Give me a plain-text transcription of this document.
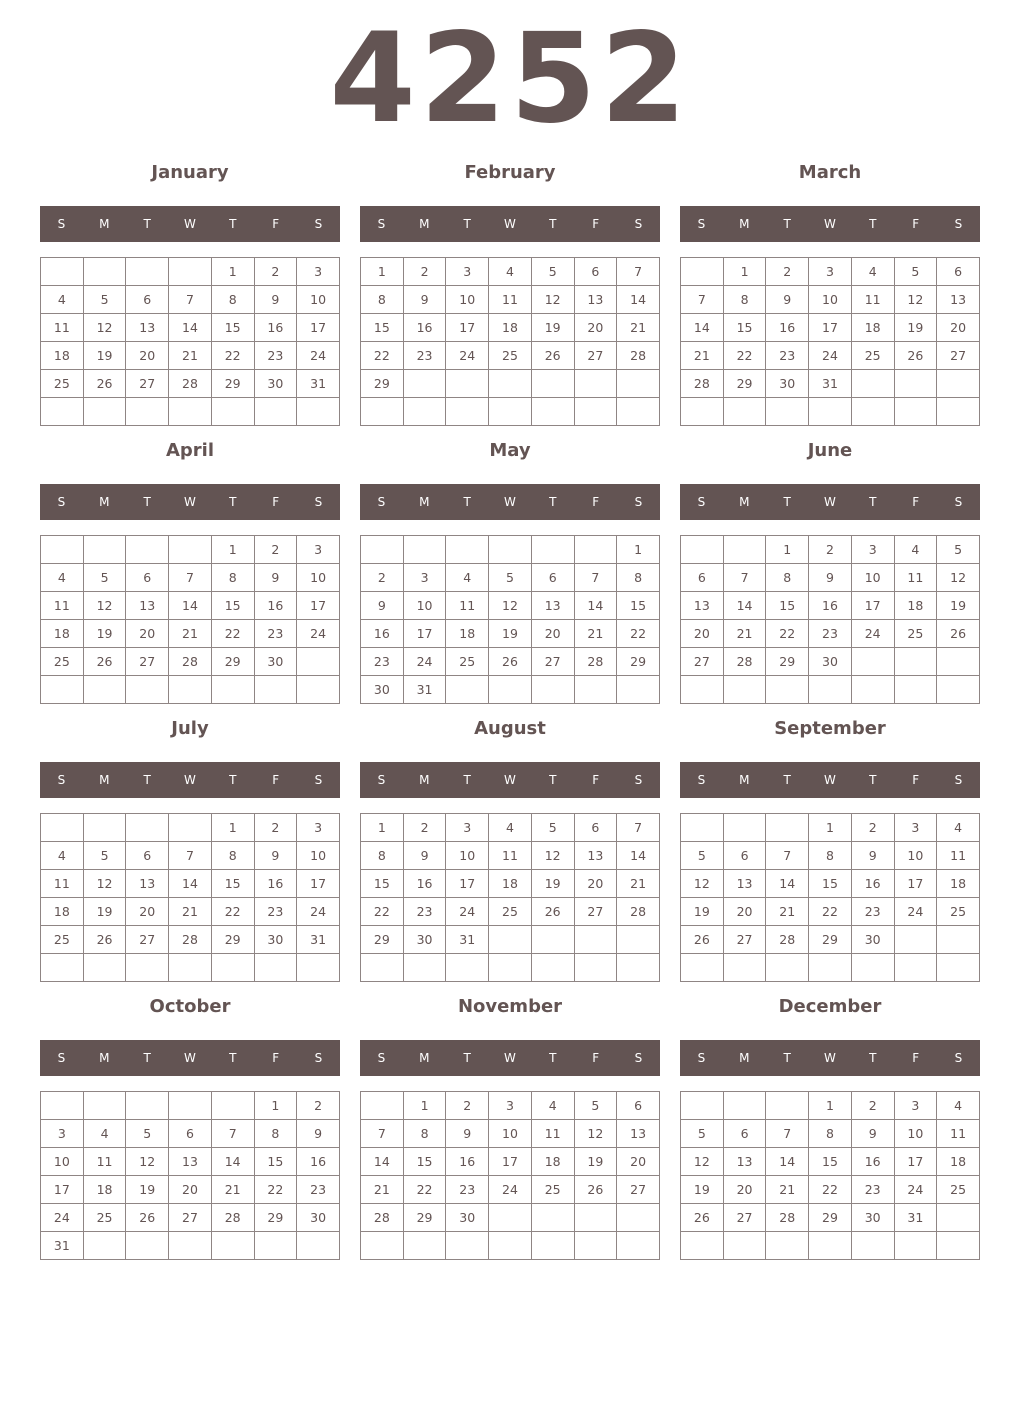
4252
January
S	M	T	W	T	F	S
				1	2	3
4	5	6	7	8	9	10
11	12	13	14	15	16	17
18	19	20	21	22	23	24
25	26	27	28	29	30	31

February
S	M	T	W	T	F	S
1	2	3	4	5	6	7
8	9	10	11	12	13	14
15	16	17	18	19	20	21
22	23	24	25	26	27	28
29						

March
S	M	T	W	T	F	S
	1	2	3	4	5	6
7	8	9	10	11	12	13
14	15	16	17	18	19	20
21	22	23	24	25	26	27
28	29	30	31			

April
S	M	T	W	T	F	S
				1	2	3
4	5	6	7	8	9	10
11	12	13	14	15	16	17
18	19	20	21	22	23	24
25	26	27	28	29	30	

May
S	M	T	W	T	F	S
						1
2	3	4	5	6	7	8
9	10	11	12	13	14	15
16	17	18	19	20	21	22
23	24	25	26	27	28	29
30	31					
June
S	M	T	W	T	F	S
		1	2	3	4	5
6	7	8	9	10	11	12
13	14	15	16	17	18	19
20	21	22	23	24	25	26
27	28	29	30			

July
S	M	T	W	T	F	S
				1	2	3
4	5	6	7	8	9	10
11	12	13	14	15	16	17
18	19	20	21	22	23	24
25	26	27	28	29	30	31

August
S	M	T	W	T	F	S
1	2	3	4	5	6	7
8	9	10	11	12	13	14
15	16	17	18	19	20	21
22	23	24	25	26	27	28
29	30	31				

September
S	M	T	W	T	F	S
			1	2	3	4
5	6	7	8	9	10	11
12	13	14	15	16	17	18
19	20	21	22	23	24	25
26	27	28	29	30		

October
S	M	T	W	T	F	S
					1	2
3	4	5	6	7	8	9
10	11	12	13	14	15	16
17	18	19	20	21	22	23
24	25	26	27	28	29	30
31						
November
S	M	T	W	T	F	S
	1	2	3	4	5	6
7	8	9	10	11	12	13
14	15	16	17	18	19	20
21	22	23	24	25	26	27
28	29	30				

December
S	M	T	W	T	F	S
			1	2	3	4
5	6	7	8	9	10	11
12	13	14	15	16	17	18
19	20	21	22	23	24	25
26	27	28	29	30	31	
